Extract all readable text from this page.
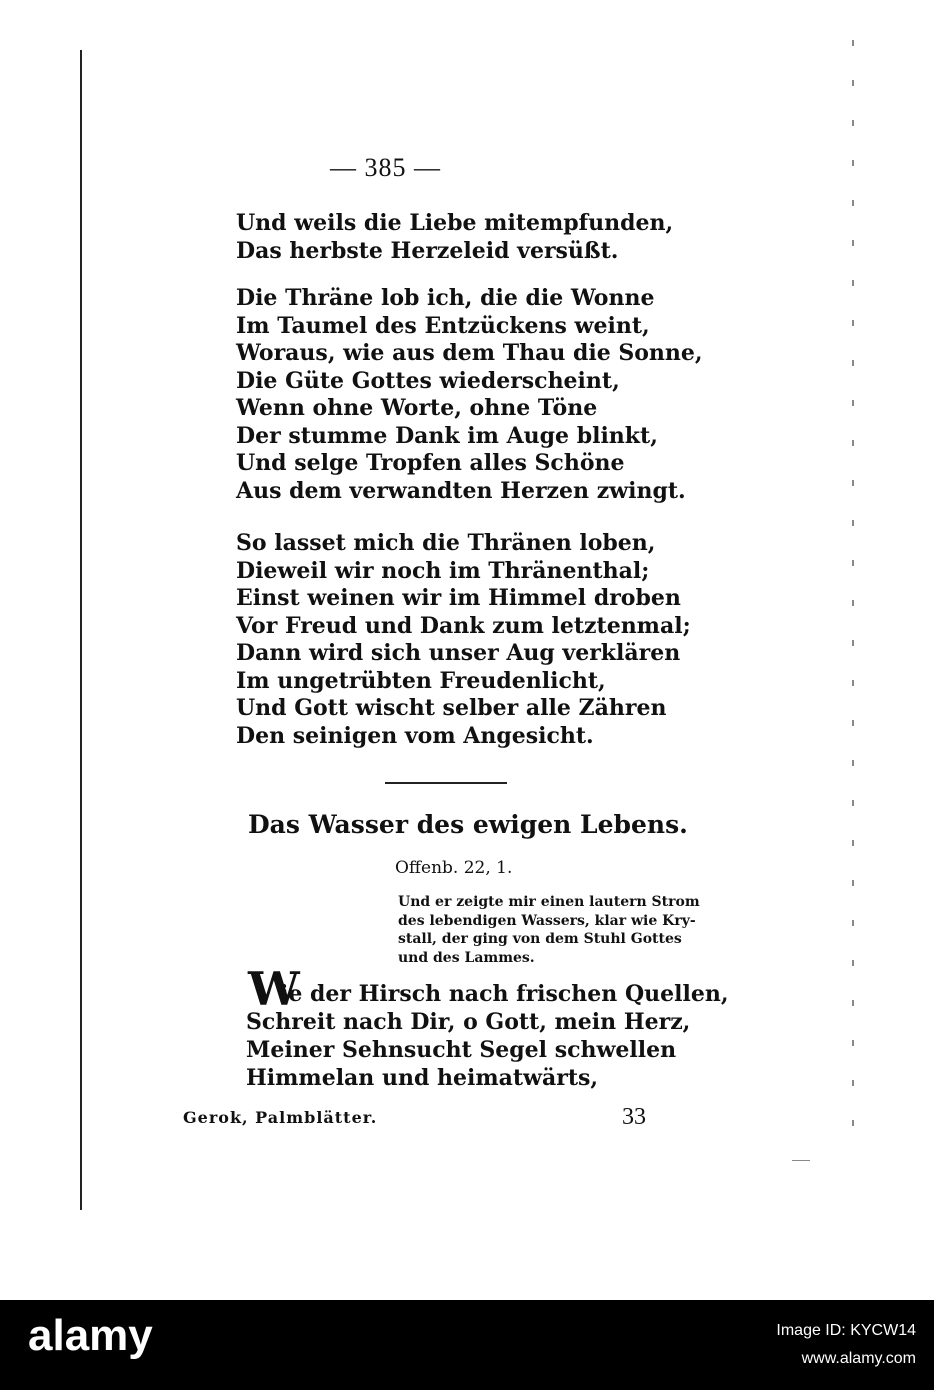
— 385 —
Und weils die Liebe mitempfunden,
Das herbste Herzeleid versüßt.
Die Thräne lob ich, die die Wonne
Im Taumel des Entzückens weint,
Woraus, wie aus dem Thau die Sonne,
Die Güte Gottes wiederscheint,
Wenn ohne Worte, ohne Töne
Der stumme Dank im Auge blinkt,
Und selge Tropfen alles Schöne
Aus dem verwandten Herzen zwingt.
So lasset mich die Thränen loben,
Dieweil wir noch im Thränenthal;
Einst weinen wir im Himmel droben
Vor Freud und Dank zum letztenmal;
Dann wird sich unser Aug verklären
Im ungetrübten Freudenlicht,
Und Gott wischt selber alle Zähren
Den seinigen vom Angesicht.
Das Wasser des ewigen Lebens.
Offenb. 22, 1.
Und er zeigte mir einen lautern Strom
des lebendigen Wassers, klar wie Kry-
stall, der ging von dem Stuhl Gottes
und des Lammes.
W
ie der Hirsch nach frischen Quellen,
Schreit nach Dir, o Gott, mein Herz,
Meiner Sehnsucht Segel schwellen
Himmelan und heimatwärts,
Gerok, Palmblätter.	33
alamy	Image ID: KYCW14
www.alamy.com
